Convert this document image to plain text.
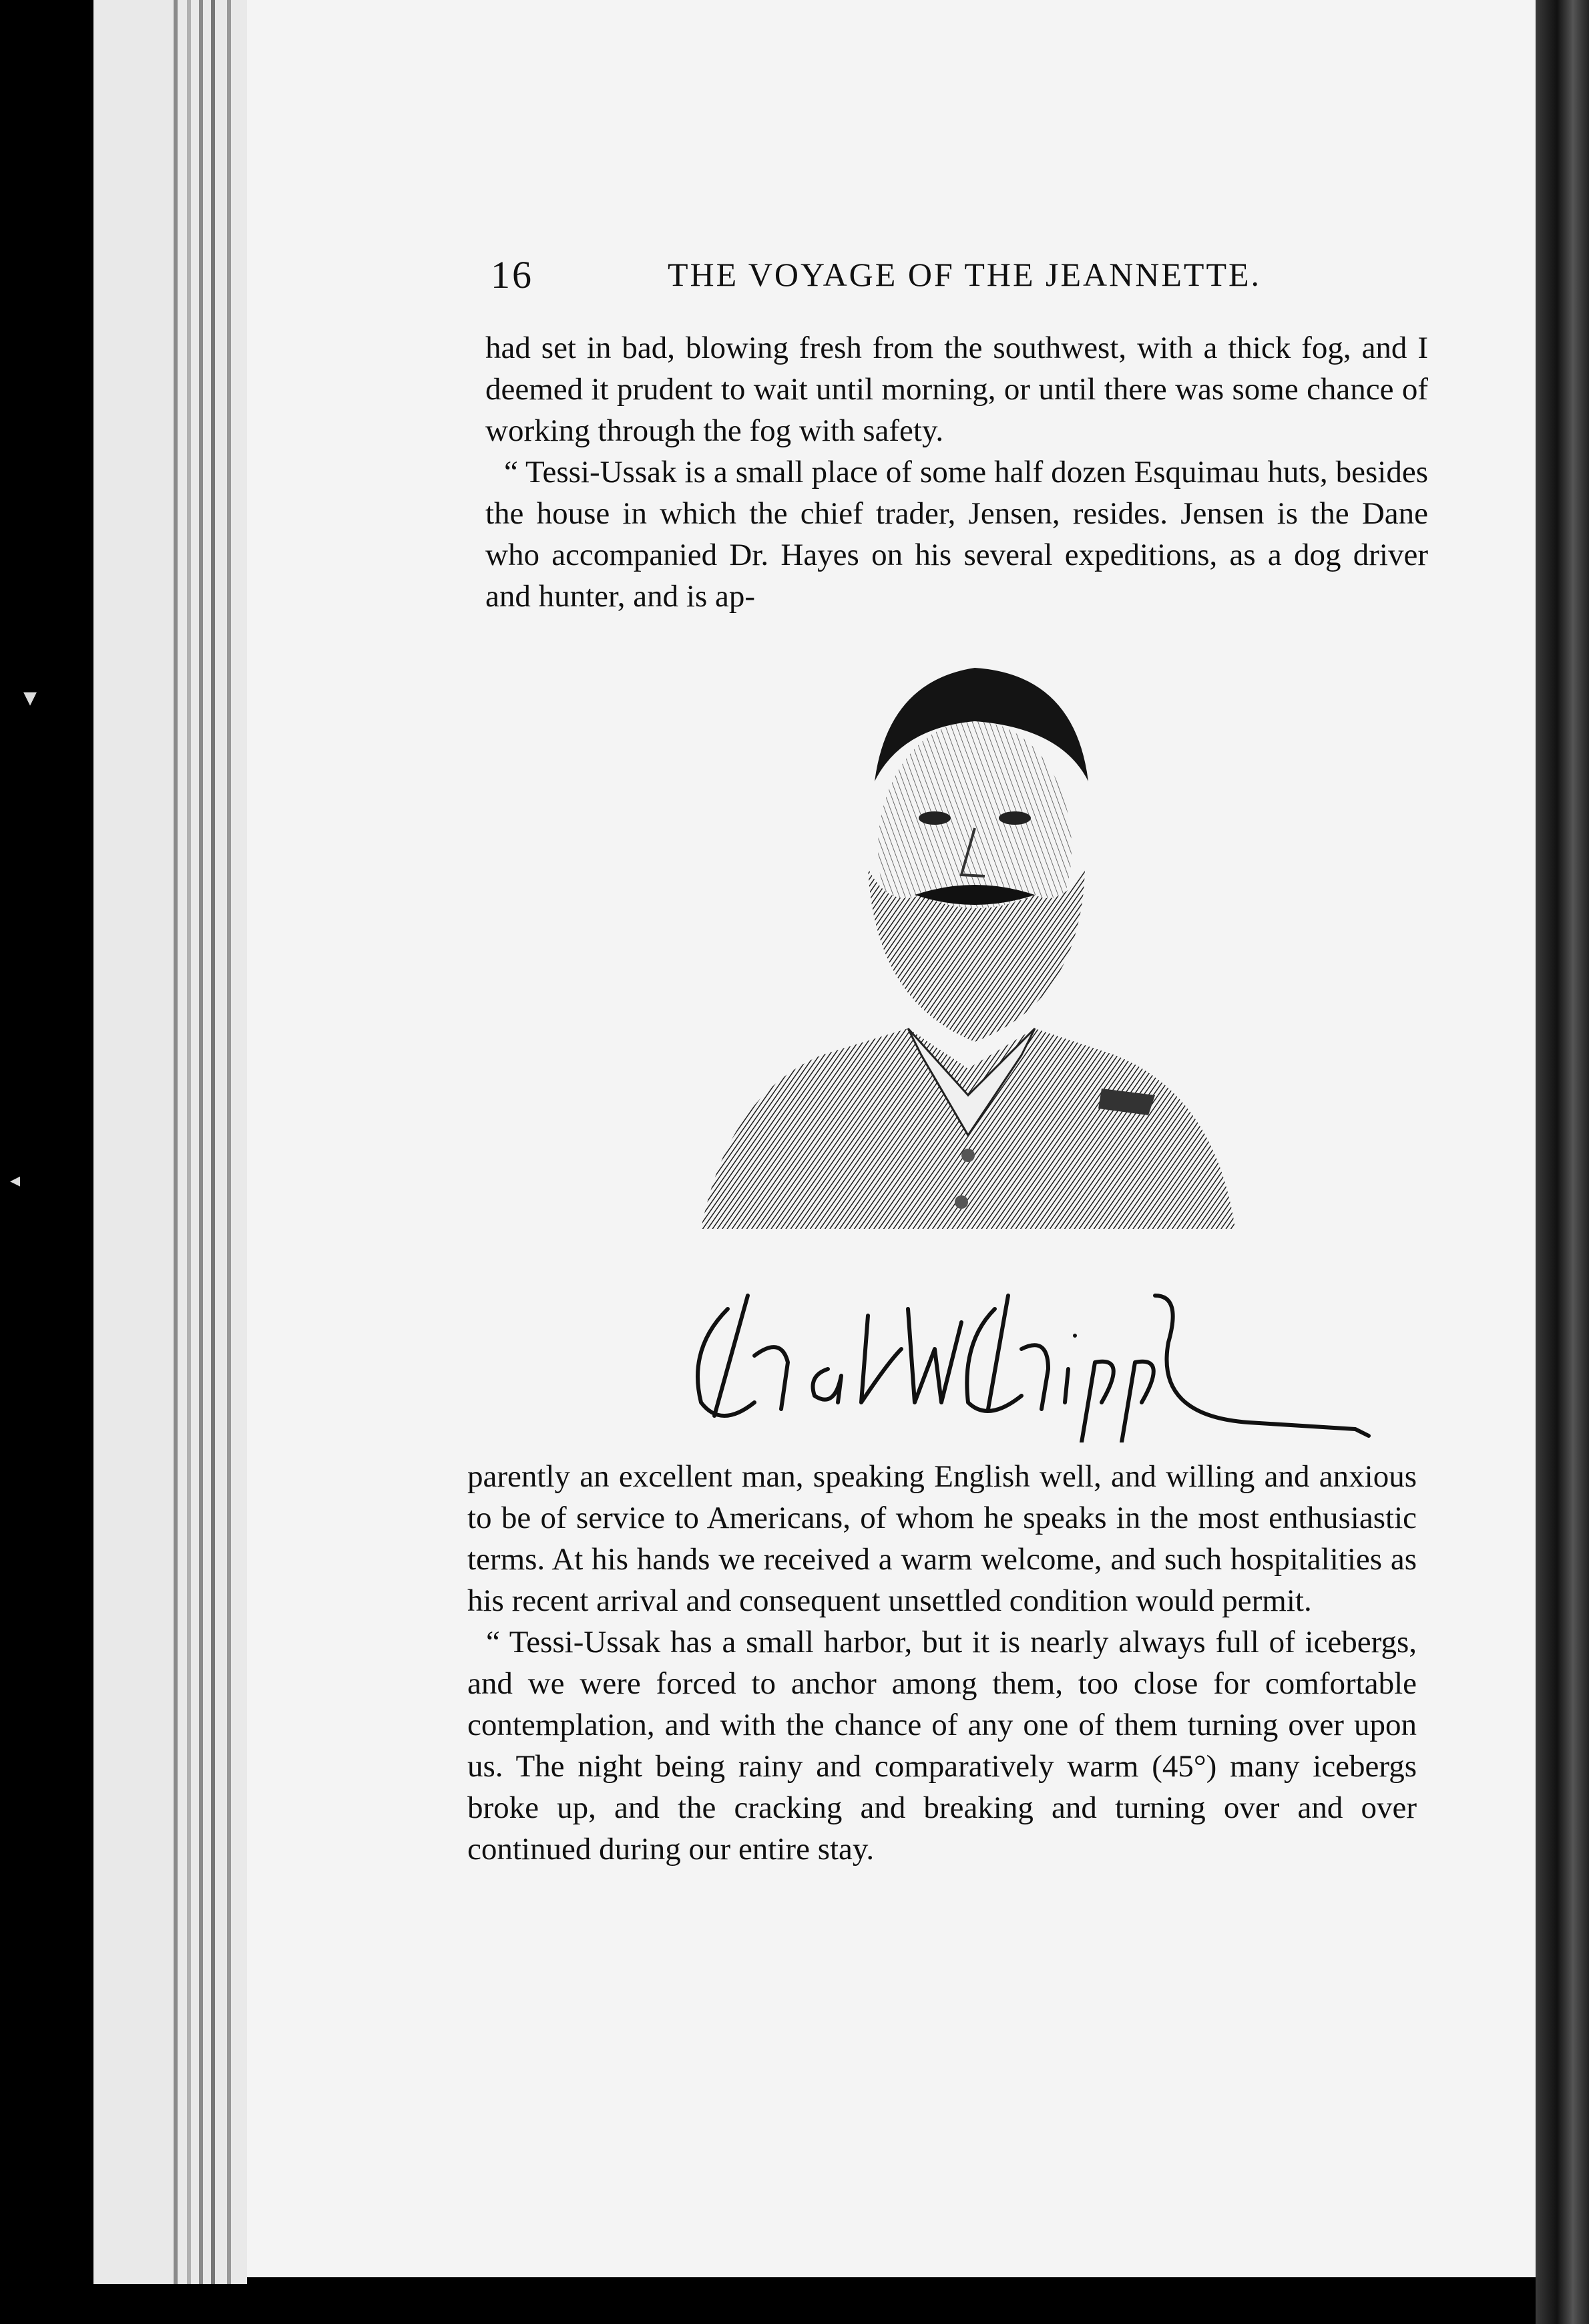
▾
◂
16	THE VOYAGE OF THE JEANNETTE.

had set in bad, blowing fresh from the southwest, with a thick fog, and I deemed it prudent to wait until morning, or until there was some chance of working through the fog with safety.

“ Tessi-Ussak is a small place of some half dozen Esquimau huts, besides the house in which the chief trader, Jensen, resides. Jensen is the Dane who accompanied Dr. Hayes on his several expeditions, as a dog driver and hunter, and is ap-

parently an excellent man, speaking English well, and willing and anxious to be of service to Americans, of whom he speaks in the most enthusiastic terms. At his hands we received a warm welcome, and such hospitalities as his recent arrival and consequent unsettled condition would permit.

“ Tessi-Ussak has a small harbor, but it is nearly always full of icebergs, and we were forced to anchor among them, too close for comfortable contemplation, and with the chance of any one of them turning over upon us. The night being rainy and comparatively warm (45°) many icebergs broke up, and the cracking and breaking and turning over and over continued during our entire stay.
